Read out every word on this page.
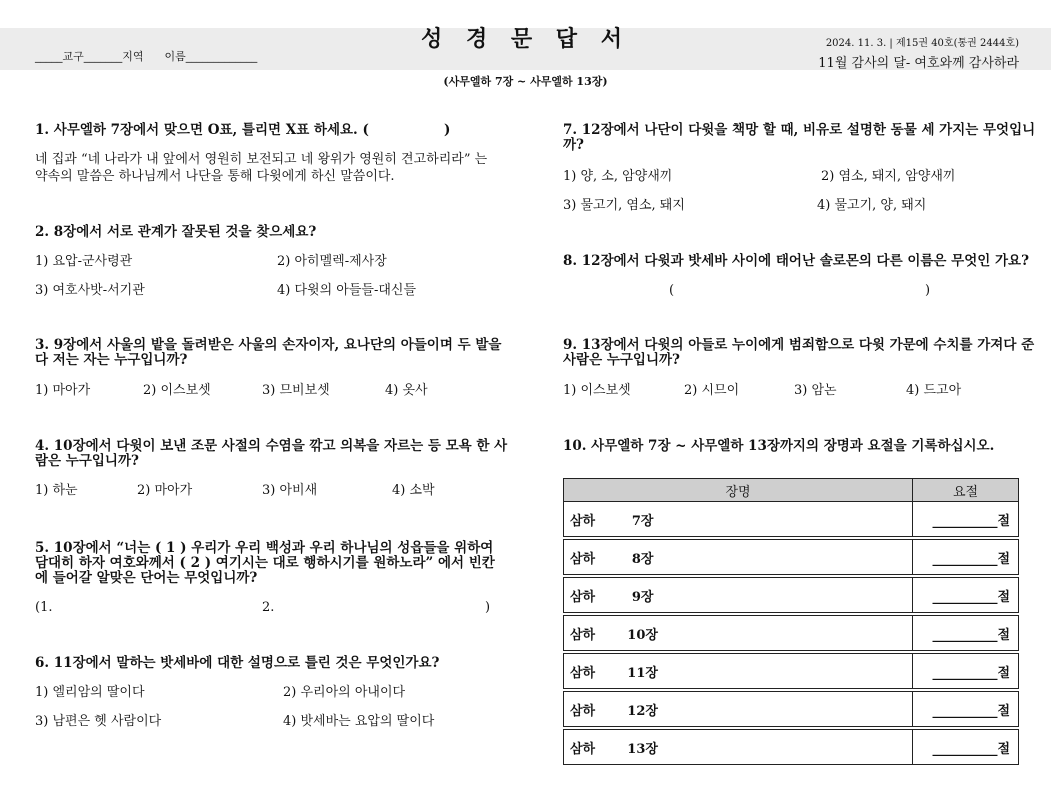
성 경 문 답 서
_____교구_______지역      이름_____________
2024. 11. 3. | 제15권 40호(통권 2444호)
11월 감사의 달- 여호와께 감사하라
(사무엘하 7장 ~ 사무엘하 13장)
1. 사무엘하 7장에서 맞으면 O표, 틀리면 X표 하세요. (                )
네 집과 “네 나라가 내 앞에서 영원히 보전되고 네 왕위가 영원히 견고하리라” 는
약속의 말씀은 하나님께서 나단을 통해 다윗에게 하신 말씀이다.
2. 8장에서 서로 관계가 잘못된 것을 찾으세요?
1) 요압-군사령관	2) 아히멜렉-제사장
3) 여호사밧-서기관	4) 다윗의 아들들-대신들
3. 9장에서 사울의 밭을 돌려받은 사울의 손자이자, 요나단의 아들이며 두 발을
다 저는 자는 누구입니까?
1) 마아가	2) 이스보셋	3) 므비보셋	4) 옷사
4. 10장에서 다윗이 보낸 조문 사절의 수염을 깎고 의복을 자르는 등 모욕 한 사
람은 누구입니까?
1) 하눈	2) 마아가	3) 아비새	4) 소박
5. 10장에서 “너는 ( 1 ) 우리가 우리 백성과 우리 하나님의 성읍들을 위하여
담대히 하자 여호와께서 ( 2 ) 여기시는 대로 행하시기를 원하노라” 에서 빈칸
에 들어갈 알맞은 단어는 무엇입니까?
(1.	2.	)
6. 11장에서 말하는 밧세바에 대한 설명으로 틀린 것은 무엇인가요?
1) 엘리암의 딸이다	2) 우리아의 아내이다
3) 남편은 헷 사람이다	4) 밧세바는 요압의 딸이다
7. 12장에서 나단이 다윗을 책망 할 때, 비유로 설명한 동물 세 가지는 무엇입니
까?
1) 양, 소, 암양새끼	2) 염소, 돼지, 암양새끼
3) 물고기, 염소, 돼지	4) 물고기, 양, 돼지
8. 12장에서 다윗과 밧세바 사이에 태어난 솔로몬의 다른 이름은 무엇인 가요?
(	)
9. 13장에서 다윗의 아들로 누이에게 범죄함으로 다윗 가문에 수치를 가져다 준
사람은 누구입니까?
1) 이스보셋	2) 시므이	3) 암논	4) 드고아
10. 사무엘하 7장 ~ 사무엘하 13장까지의 장명과 요절을 기록하십시오.
장명	요절
삼하 7장	__________절

삼하 8장	__________절

삼하 9장	__________절

삼하 10장	__________절

삼하 11장	__________절

삼하 12장	__________절

삼하 13장	__________절
